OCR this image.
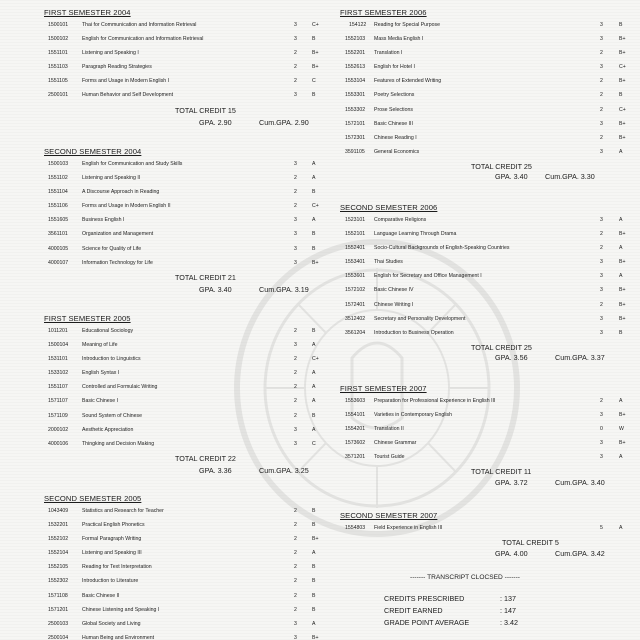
FIRST SEMESTER 2004
1500101	Thai for Communication and Information Retrieval	3	C+
1500102	English for Communication and Information Retrieval	3	B
1551101	Listening and Speaking I	2	B+
1551103	Paragraph Reading Strategies	2	B+
1551105	Forms and Usage in Modern English I	2	C
2500101	Human Behavior and Self Development	3	B
TOTAL CREDIT 15
GPA. 2.90	Cum.GPA. 2.90
SECOND SEMESTER 2004
1500103	English for Communication and Study Skills	3	A
1551102	Listening and Speaking II	2	A
1551104	A Discourse Approach in Reading	2	B
1551106	Forms and Usage in Modern English II	2	C+
1551605	Business English I	3	A
3561101	Organization and Management	3	B
4000105	Science for Quality of Life	3	B
4000107	Information Technology for Life	3	B+
TOTAL CREDIT 21
GPA. 3.40	Cum.GPA. 3.19
FIRST SEMESTER 2005
1011201	Educational Sociology	2	B
1500104	Meaning of Life	3	A
1531101	Introduction to Linguistics	2	C+
1533102	English Syntax I	2	A
1551107	Controlled and Formulaic Writing	2	A
1571107	Basic Chinese I	2	A
1571109	Sound System of Chinese	2	B
2000102	Aesthetic Appreciation	3	A
4000106	Thingking and Decision Making	3	C
TOTAL CREDIT 22
GPA. 3.36	Cum.GPA. 3.25
SECOND SEMESTER 2005
1043409	Statistics and Research for Teacher	2	B
1532201	Practical English Phonetics	2	B
1552102	Formal Paragraph Writing	2	B+
1552104	Listening and Speaking III	2	A
1552105	Reading for Text Interpretation	2	B
1552302	Introduction to Literature	2	B
1571108	Basic Chinese II	2	B
1571201	Chinese Listening and Speaking I	2	B
2500103	Global Society and Living	3	A
2500104	Human Being and Environment	3	B+
FIRST SEMESTER 2006
154122 Reading for Special Purpose	3	B
1552103 Mass Media English I	3	B+
1552201 Translation I	2	B+
1552613 English for Hotel I	3	C+
1553104 Features of Extended Writing	2	B+
1553301 Poetry Selections	2	B
1553302 Prose Selections	2	C+
1572101 Basic Chinese III	3	B+
1572301 Chinese Reading I	2	B+
3591105 General Economics	3	A
TOTAL CREDIT 25
GPA. 3.40 Cum.GPA. 3.30
SECOND SEMESTER 2006
1523101 Comparative Religions	3	A
1552101 Language Learning Through Drama	2	B+
1552401 Socio-Cultural Backgrounds of English-Speaking Countries	2	A
1553401 Thai Studies	3	B+
1553601 English for Secretary and Office Management I	3	A
1572102 Basic Chinese IV	3	B+
1572401 Chinese Writing I	2	B+
3512402 Secretary and Personality Development	3	B+
3561204 Introduction to Business Operation	3	B
TOTAL CREDIT 25
GPA. 3.56	Cum.GPA. 3.37
FIRST SEMESTER 2007
1553603 Preparation for Professional Experience in English III	2	A
1554101 Varieties in Contemporary English	3	B+
1554201 Translation II	0	W
1573602 Chinese Grammar	3	B+
3571201 Tourist Guide	3	A
TOTAL CREDIT 11
GPA. 3.72	Cum.GPA. 3.40
SECOND SEMESTER 2007
1554803 Field Experience in English III	5	A
TOTAL CREDIT 5
GPA. 4.00	Cum.GPA. 3.42
------- TRANSCRIPT CLOCSED -------
CREDITS PRESCRIBED	: 137
CREDIT EARNED	: 147
GRADE POINT AVERAGE	: 3.42
